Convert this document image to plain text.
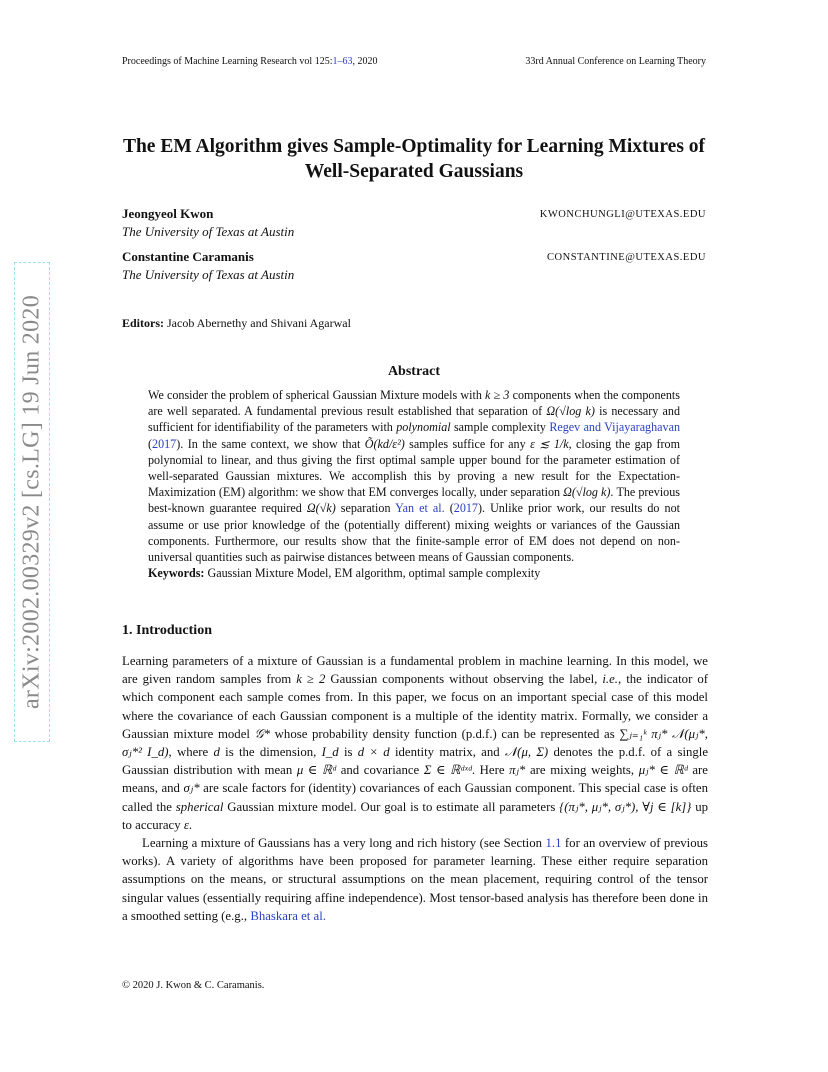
Proceedings of Machine Learning Research vol 125:1–63, 2020	33rd Annual Conference on Learning Theory
arXiv:2002.00329v2 [cs.LG] 19 Jun 2020
The EM Algorithm gives Sample-Optimality for Learning Mixtures of
Well-Separated Gaussians
Jeongyeol Kwon
The University of Texas at Austin
KWONCHUNGLI@UTEXAS.EDU
Constantine Caramanis
The University of Texas at Austin
CONSTANTINE@UTEXAS.EDU
Editors: Jacob Abernethy and Shivani Agarwal
Abstract
We consider the problem of spherical Gaussian Mixture models with k ≥ 3 components when the components are well separated. A fundamental previous result established that separation of Ω(√log k) is necessary and sufficient for identifiability of the parameters with polynomial sample complexity Regev and Vijayaraghavan (2017). In the same context, we show that Õ(kd/ε²) samples suffice for any ε ≲ 1/k, closing the gap from polynomial to linear, and thus giving the first optimal sample upper bound for the parameter estimation of well-separated Gaussian mixtures. We accomplish this by proving a new result for the Expectation-Maximization (EM) algorithm: we show that EM converges locally, under separation Ω(√log k). The previous best-known guarantee required Ω(√k) separation Yan et al. (2017). Unlike prior work, our results do not assume or use prior knowledge of the (potentially different) mixing weights or variances of the Gaussian components. Furthermore, our results show that the finite-sample error of EM does not depend on non-universal quantities such as pairwise distances between means of Gaussian components.
Keywords: Gaussian Mixture Model, EM algorithm, optimal sample complexity
1. Introduction

Learning parameters of a mixture of Gaussian is a fundamental problem in machine learning. In this model, we are given random samples from k ≥ 2 Gaussian components without observing the label, i.e., the indicator of which component each sample comes from. In this paper, we focus on an important special case of this model where the covariance of each Gaussian component is a multiple of the identity matrix. Formally, we consider a Gaussian mixture model 𝒢* whose probability density function (p.d.f.) can be represented as ∑ⱼ₌₁ᵏ πⱼ* 𝒩(μⱼ*, σⱼ*² I_d), where d is the dimension, I_d is d × d identity matrix, and 𝒩(μ, Σ) denotes the p.d.f. of a single Gaussian distribution with mean μ ∈ ℝᵈ and covariance Σ ∈ ℝᵈˣᵈ. Here πⱼ* are mixing weights, μⱼ* ∈ ℝᵈ are means, and σⱼ* are scale factors for (identity) covariances of each Gaussian component. This special case is often called the spherical Gaussian mixture model. Our goal is to estimate all parameters {(πⱼ*, μⱼ*, σⱼ*), ∀j ∈ [k]} up to accuracy ε.

Learning a mixture of Gaussians has a very long and rich history (see Section 1.1 for an overview of previous works). A variety of algorithms have been proposed for parameter learning. These either require separation assumptions on the means, or structural assumptions on the mean placement, requiring control of the tensor singular values (essentially requiring affine independence). Most tensor-based analysis has therefore been done in a smoothed setting (e.g., Bhaskara et al.

© 2020 J. Kwon & C. Caramanis.
